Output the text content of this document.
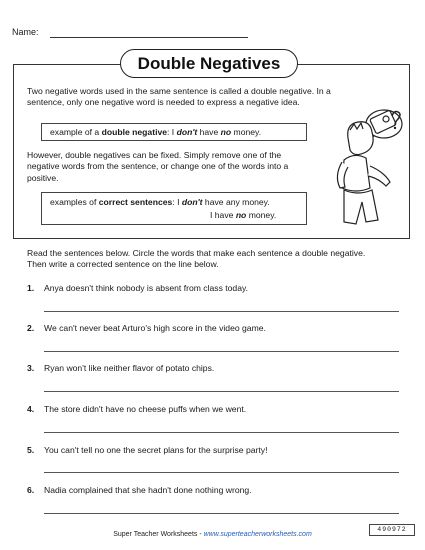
Name:
Double Negatives
Two negative words used in the same sentence is called a double negative. In a sentence, only one negative word is needed to express a negative idea.
example of a double negative: I don't have no money.
However, double negatives can be fixed. Simply remove one of the negative words from the sentence, or change one of the words into a positive.
examples of correct sentences: I don't have any money.
I have no money.
Read the sentences below. Circle the words that make each sentence a double negative. Then write a corrected sentence on the line below.
1. Anya doesn't think nobody is absent from class today.
2. We can't never beat Arturo's high score in the video game.
3. Ryan won't like neither flavor of potato chips.
4. The store didn't have no cheese puffs when we went.
5. You can't tell no one the secret plans for the surprise party!
6. Nadia complained that she hadn't done nothing wrong.
Super Teacher Worksheets - www.superteacherworksheets.com
490972
